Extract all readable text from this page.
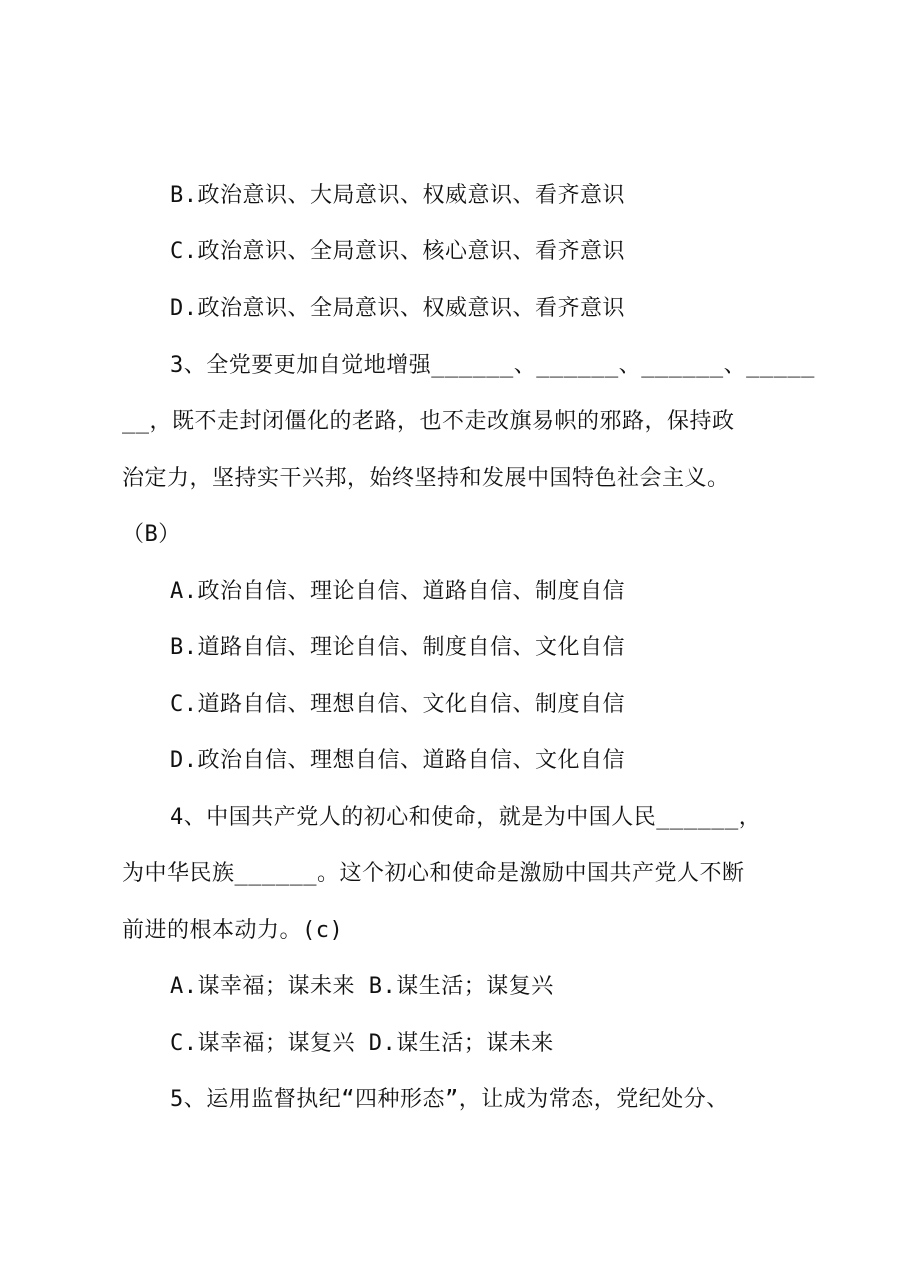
B.政治意识、大局意识、权威意识、看齐意识
C.政治意识、全局意识、核心意识、看齐意识
D.政治意识、全局意识、权威意识、看齐意识
3、全党要更加自觉地增强______、______、______、_____
__，既不走封闭僵化的老路，也不走改旗易帜的邪路，保持政
治定力，坚持实干兴邦，始终坚持和发展中国特色社会主义。
（B）
A.政治自信、理论自信、道路自信、制度自信
B.道路自信、理论自信、制度自信、文化自信
C.道路自信、理想自信、文化自信、制度自信
D.政治自信、理想自信、道路自信、文化自信
4、中国共产党人的初心和使命，就是为中国人民______，
为中华民族______。这个初心和使命是激励中国共产党人不断
前进的根本动力。(c)
A.谋幸福；谋未来 B.谋生活；谋复兴
C.谋幸福；谋复兴 D.谋生活；谋未来
5、运用监督执纪“四种形态”，让成为常态，党纪处分、
